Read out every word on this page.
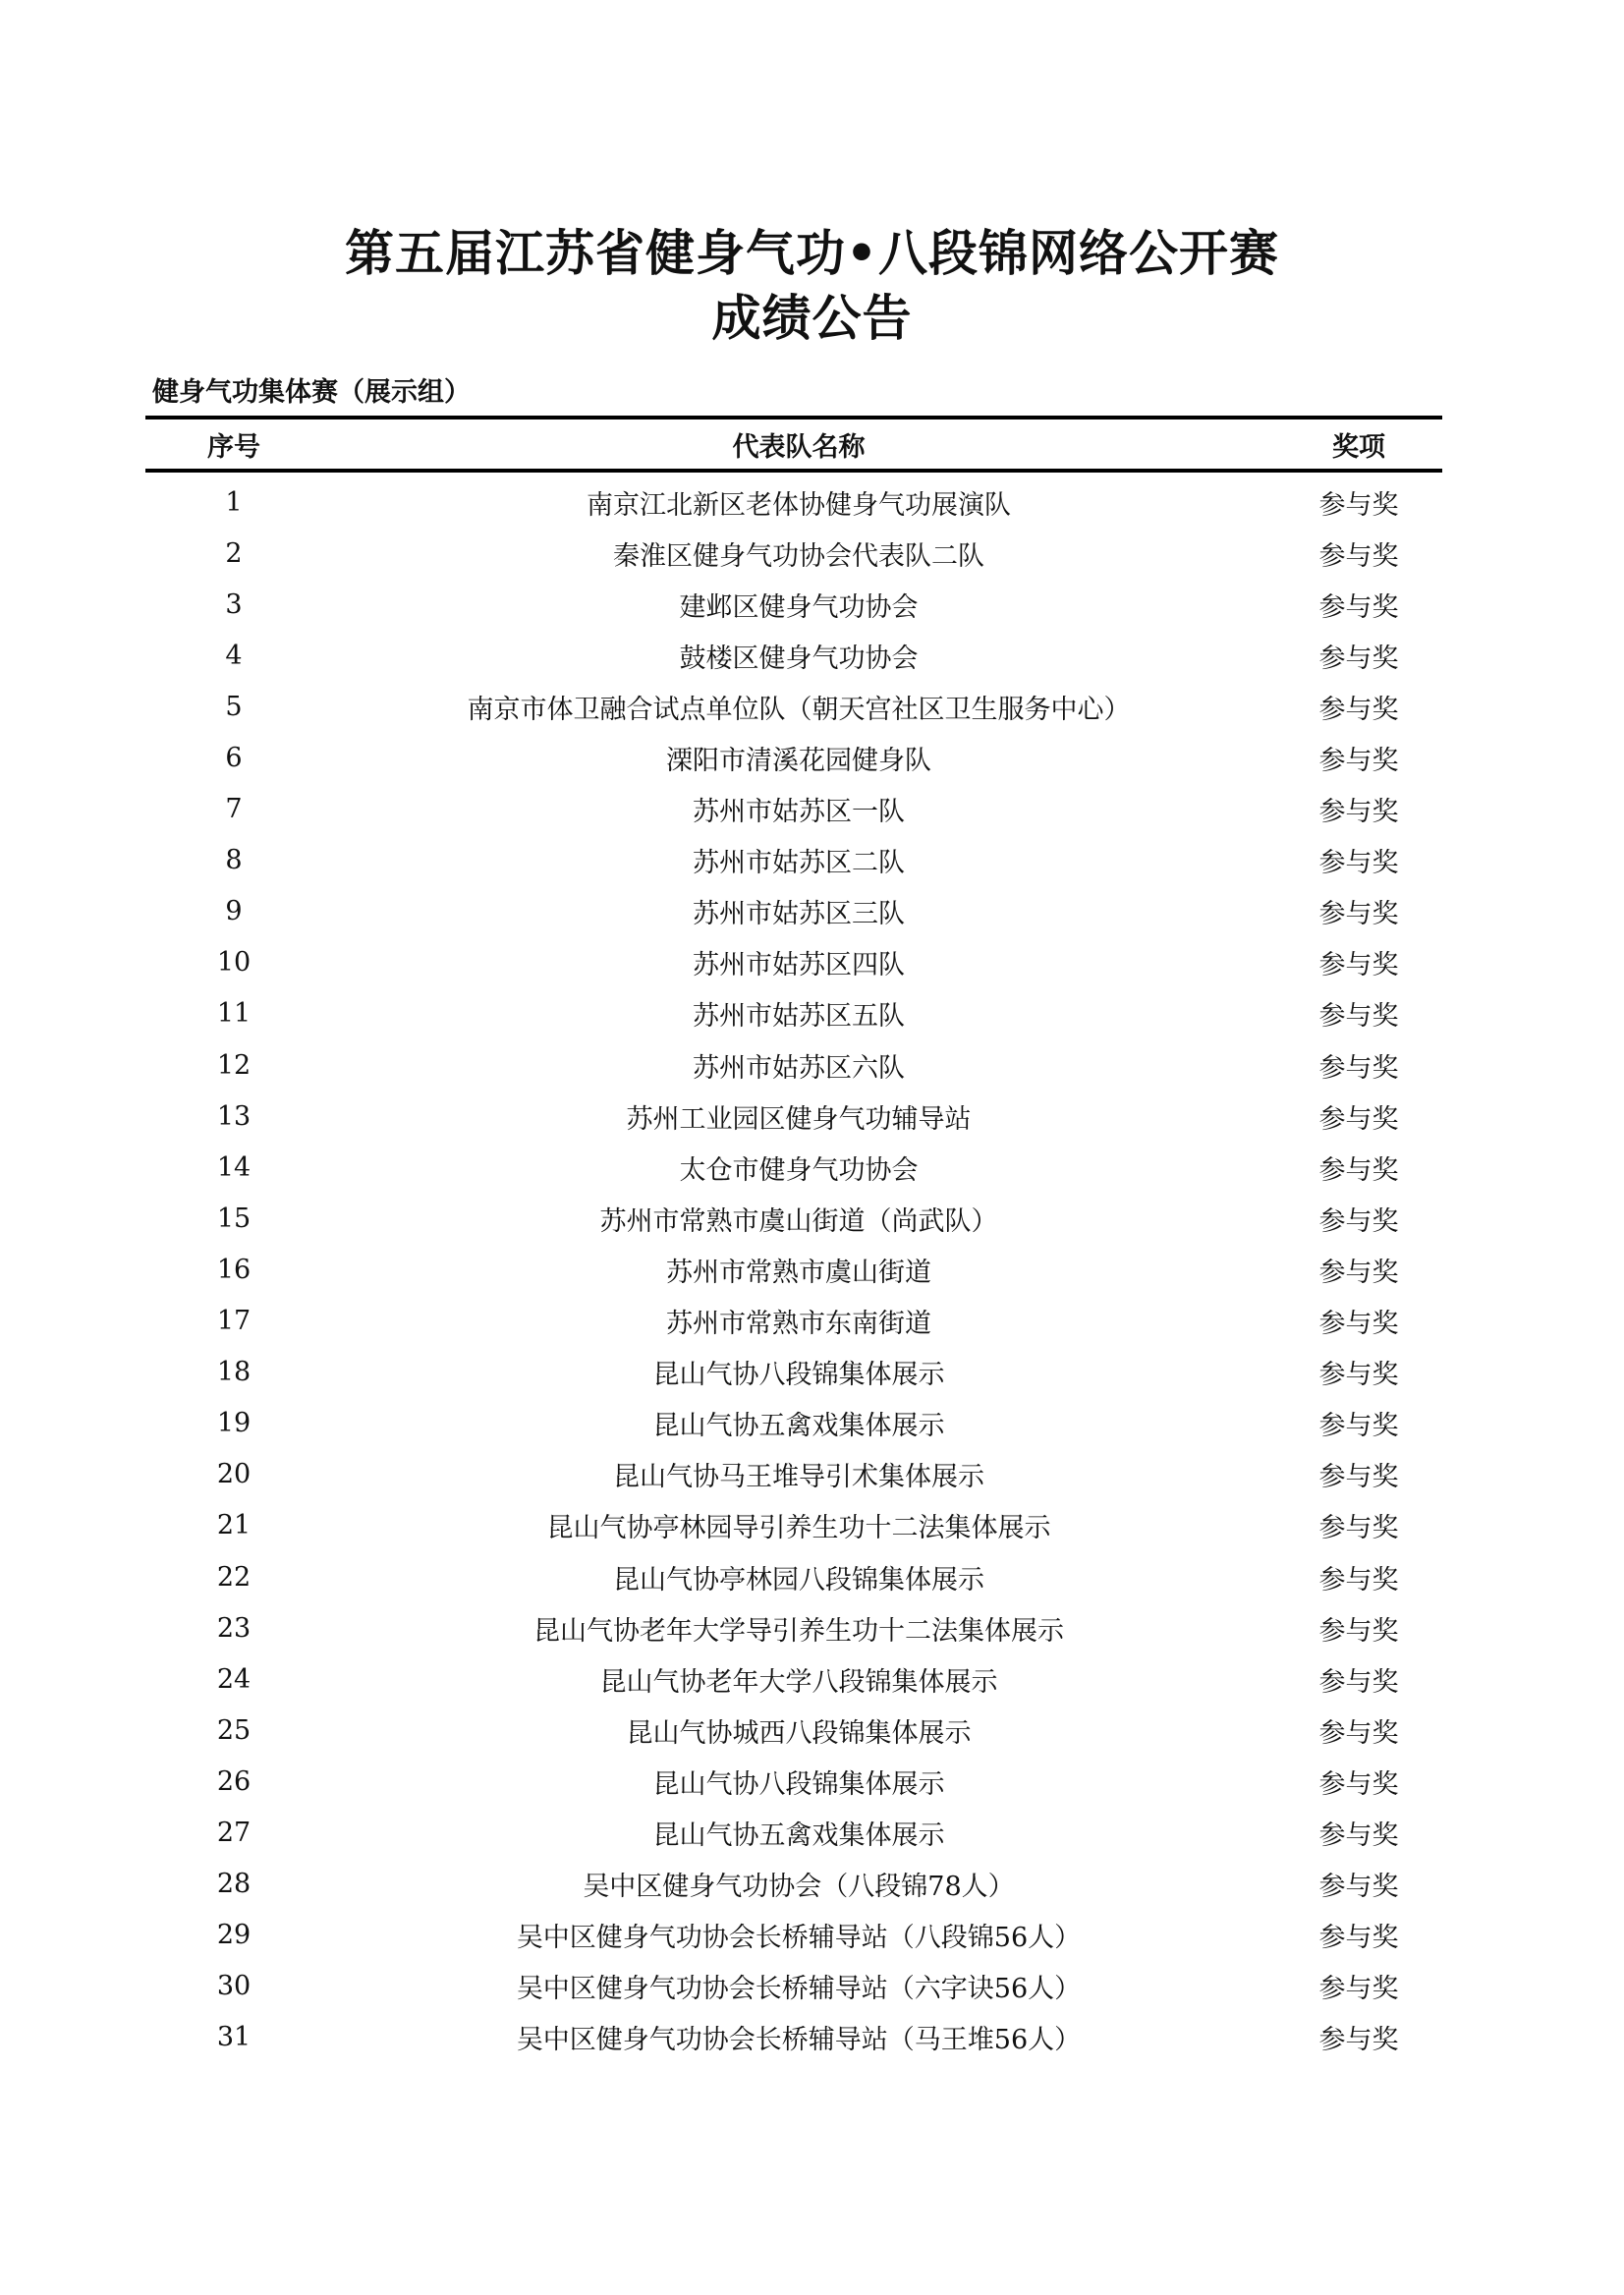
第五届江苏省健身气功•八段锦网络公开赛
成绩公告
健身气功集体赛（展示组）
序号	代表队名称	奖项
1	南京江北新区老体协健身气功展演队	参与奖
2	秦淮区健身气功协会代表队二队	参与奖
3	建邺区健身气功协会	参与奖
4	鼓楼区健身气功协会	参与奖
5	南京市体卫融合试点单位队（朝天宫社区卫生服务中心）	参与奖
6	溧阳市清溪花园健身队	参与奖
7	苏州市姑苏区一队	参与奖
8	苏州市姑苏区二队	参与奖
9	苏州市姑苏区三队	参与奖
10	苏州市姑苏区四队	参与奖
11	苏州市姑苏区五队	参与奖
12	苏州市姑苏区六队	参与奖
13	苏州工业园区健身气功辅导站	参与奖
14	太仓市健身气功协会	参与奖
15	苏州市常熟市虞山街道（尚武队）	参与奖
16	苏州市常熟市虞山街道	参与奖
17	苏州市常熟市东南街道	参与奖
18	昆山气协八段锦集体展示	参与奖
19	昆山气协五禽戏集体展示	参与奖
20	昆山气协马王堆导引术集体展示	参与奖
21	昆山气协亭林园导引养生功十二法集体展示	参与奖
22	昆山气协亭林园八段锦集体展示	参与奖
23	昆山气协老年大学导引养生功十二法集体展示	参与奖
24	昆山气协老年大学八段锦集体展示	参与奖
25	昆山气协城西八段锦集体展示	参与奖
26	昆山气协八段锦集体展示	参与奖
27	昆山气协五禽戏集体展示	参与奖
28	吴中区健身气功协会（八段锦78人）	参与奖
29	吴中区健身气功协会长桥辅导站（八段锦56人）	参与奖
30	吴中区健身气功协会长桥辅导站（六字诀56人）	参与奖
31	吴中区健身气功协会长桥辅导站（马王堆56人）	参与奖
